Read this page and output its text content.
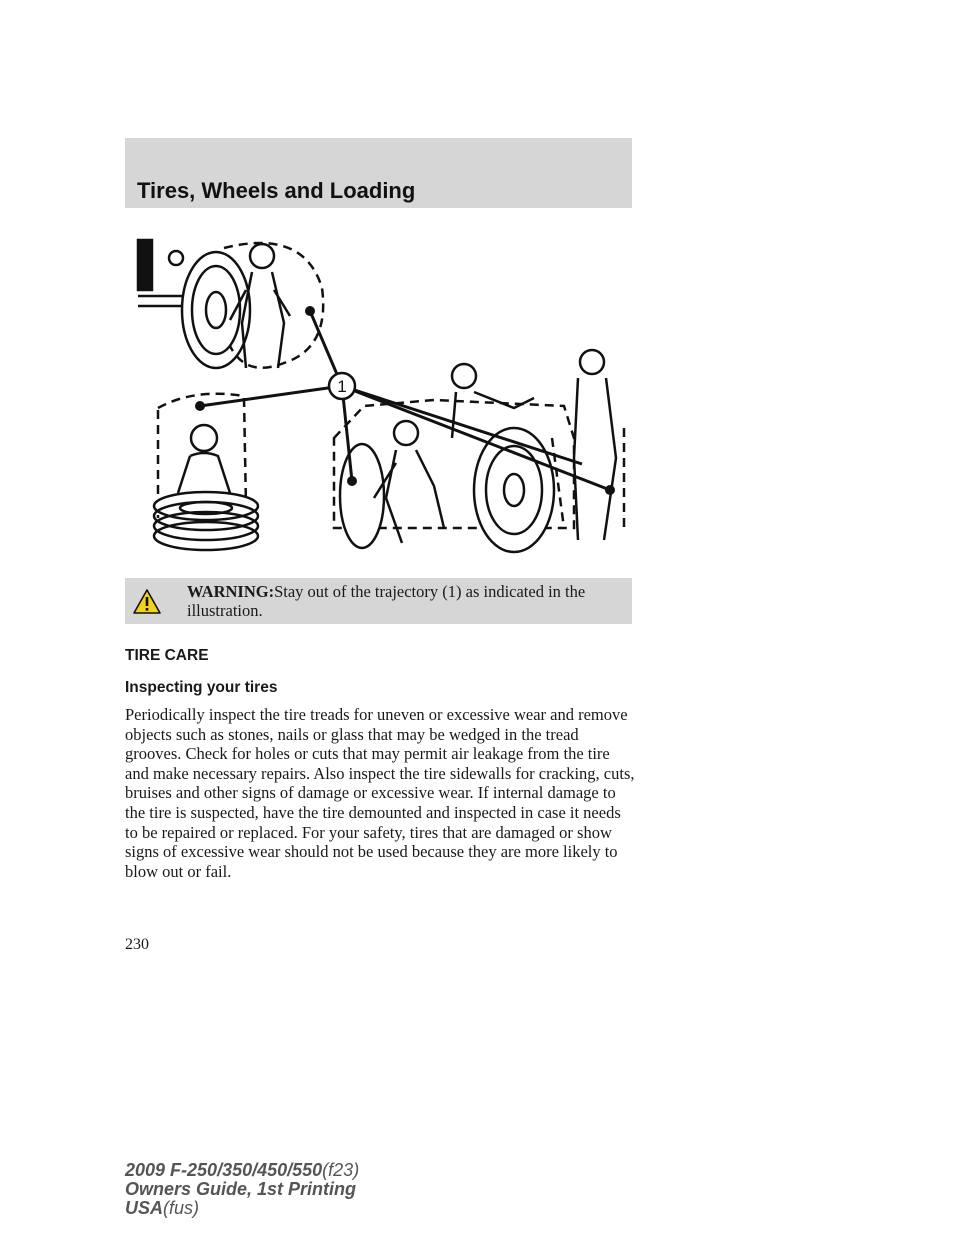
Tires, Wheels and Loading
1
WARNING:Stay out of the trajectory (1) as indicated in the illustration.
TIRE CARE
Inspecting your tires
Periodically inspect the tire treads for uneven or excessive wear and remove objects such as stones, nails or glass that may be wedged in the tread grooves. Check for holes or cuts that may permit air leakage from the tire and make necessary repairs. Also inspect the tire sidewalls for cracking, cuts, bruises and other signs of damage or excessive wear. If internal damage to the tire is suspected, have the tire demounted and inspected in case it needs to be repaired or replaced. For your safety, tires that are damaged or show signs of excessive wear should not be used because they are more likely to blow out or fail.
230
2009 F-250/350/450/550(f23)
Owners Guide, 1st Printing
USA(fus)
